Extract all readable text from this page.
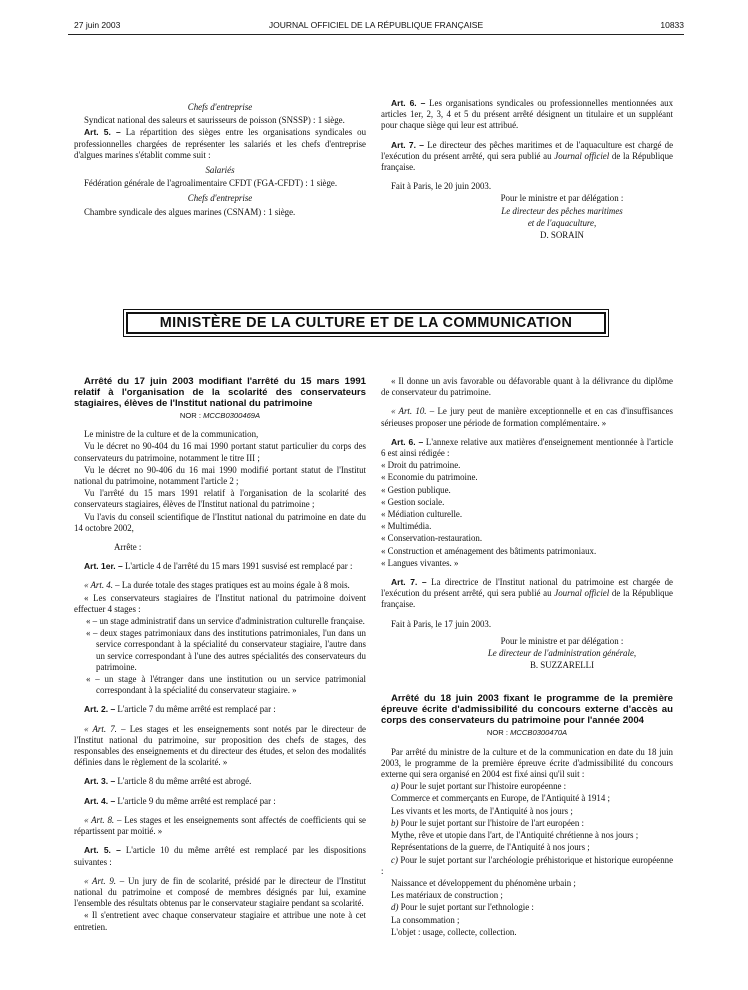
27 juin 2003	JOURNAL OFFICIEL DE LA RÉPUBLIQUE FRANÇAISE	10833
Chefs d'entreprise

Syndicat national des saleurs et saurisseurs de poisson (SNSSP) : 1 siège.

Art. 5. – La répartition des sièges entre les organisations syndicales ou professionnelles chargées de représenter les salariés et les chefs d'entreprise d'algues marines s'établit comme suit :

Salariés

Fédération générale de l'agroalimentaire CFDT (FGA-CFDT) : 1 siège.

Chefs d'entreprise

Chambre syndicale des algues marines (CSNAM) : 1 siège.

Art. 6. – Les organisations syndicales ou professionnelles mentionnées aux articles 1er, 2, 3, 4 et 5 du présent arrêté désignent un titulaire et un suppléant pour chaque siège qui leur est attribué.

Art. 7. – Le directeur des pêches maritimes et de l'aquaculture est chargé de l'exécution du présent arrêté, qui sera publié au Journal officiel de la République française.

Fait à Paris, le 20 juin 2003.

Pour le ministre et par délégation :

Le directeur des pêches maritimes

et de l'aquaculture,

D. SORAIN

MINISTÈRE DE LA CULTURE ET DE LA COMMUNICATION

Arrêté du 17 juin 2003 modifiant l'arrêté du 15 mars 1991 relatif à l'organisation de la scolarité des conservateurs stagiaires, élèves de l'Institut national du patrimoine

NOR : MCCB0300469A

Le ministre de la culture et de la communication,

Vu le décret no 90-404 du 16 mai 1990 portant statut particulier du corps des conservateurs du patrimoine, notamment le titre III ;

Vu le décret no 90-406 du 16 mai 1990 modifié portant statut de l'Institut national du patrimoine, notamment l'article 2 ;

Vu l'arrêté du 15 mars 1991 relatif à l'organisation de la scolarité des conservateurs stagiaires, élèves de l'Institut national du patrimoine ;

Vu l'avis du conseil scientifique de l'Institut national du patrimoine en date du 14 octobre 2002,

Arrête :

Art. 1er. – L'article 4 de l'arrêté du 15 mars 1991 susvisé est remplacé par :

« Art. 4. – La durée totale des stages pratiques est au moins égale à 8 mois.

« Les conservateurs stagiaires de l'Institut national du patrimoine doivent effectuer 4 stages :

« – un stage administratif dans un service d'administration culturelle française.

« – deux stages patrimoniaux dans des institutions patrimoniales, l'un dans un service correspondant à la spécialité du conservateur stagiaire, l'autre dans un service correspondant à l'une des autres spécialités des conservateurs du patrimoine.

« – un stage à l'étranger dans une institution ou un service patrimonial correspondant à la spécialité du conservateur stagiaire. »

Art. 2. – L'article 7 du même arrêté est remplacé par :

« Art. 7. – Les stages et les enseignements sont notés par le directeur de l'Institut national du patrimoine, sur proposition des chefs de stages, des responsables des enseignements et du directeur des études, et selon des modalités définies dans le règlement de la scolarité. »

Art. 3. – L'article 8 du même arrêté est abrogé.

Art. 4. – L'article 9 du même arrêté est remplacé par :

« Art. 8. – Les stages et les enseignements sont affectés de coefficients qui se répartissent par moitié. »

Art. 5. – L'article 10 du même arrêté est remplacé par les dispositions suivantes :

« Art. 9. – Un jury de fin de scolarité, présidé par le directeur de l'Institut national du patrimoine et composé de membres désignés par lui, examine l'ensemble des résultats obtenus par le conservateur stagiaire pendant sa scolarité.

« Il s'entretient avec chaque conservateur stagiaire et attribue une note à cet entretien.

« Il donne un avis favorable ou défavorable quant à la délivrance du diplôme de conservateur du patrimoine.

« Art. 10. – Le jury peut de manière exceptionnelle et en cas d'insuffisances sérieuses proposer une période de formation complémentaire. »

Art. 6. – L'annexe relative aux matières d'enseignement mentionnée à l'article 6 est ainsi rédigée :

« Droit du patrimoine.

« Economie du patrimoine.

« Gestion publique.

« Gestion sociale.

« Médiation culturelle.

« Multimédia.

« Conservation-restauration.

« Construction et aménagement des bâtiments patrimoniaux.

« Langues vivantes. »

Art. 7. – La directrice de l'Institut national du patrimoine est chargée de l'exécution du présent arrêté, qui sera publié au Journal officiel de la République française.

Fait à Paris, le 17 juin 2003.

Pour le ministre et par délégation :

Le directeur de l'administration générale,

B. SUZZARELLI

Arrêté du 18 juin 2003 fixant le programme de la première épreuve écrite d'admissibilité du concours externe d'accès au corps des conservateurs du patrimoine pour l'année 2004

NOR : MCCB0300470A

Par arrêté du ministre de la culture et de la communication en date du 18 juin 2003, le programme de la première épreuve écrite d'admissibilité du concours externe qui sera organisé en 2004 est fixé ainsi qu'il suit :

a) Pour le sujet portant sur l'histoire européenne :

Commerce et commerçants en Europe, de l'Antiquité à 1914 ;

Les vivants et les morts, de l'Antiquité à nos jours ;

b) Pour le sujet portant sur l'histoire de l'art européen :

Mythe, rêve et utopie dans l'art, de l'Antiquité chrétienne à nos jours ;

Représentations de la guerre, de l'Antiquité à nos jours ;

c) Pour le sujet portant sur l'archéologie préhistorique et historique européenne :

Naissance et développement du phénomène urbain ;

Les matériaux de construction ;

d) Pour le sujet portant sur l'ethnologie :

La consommation ;

L'objet : usage, collecte, collection.
